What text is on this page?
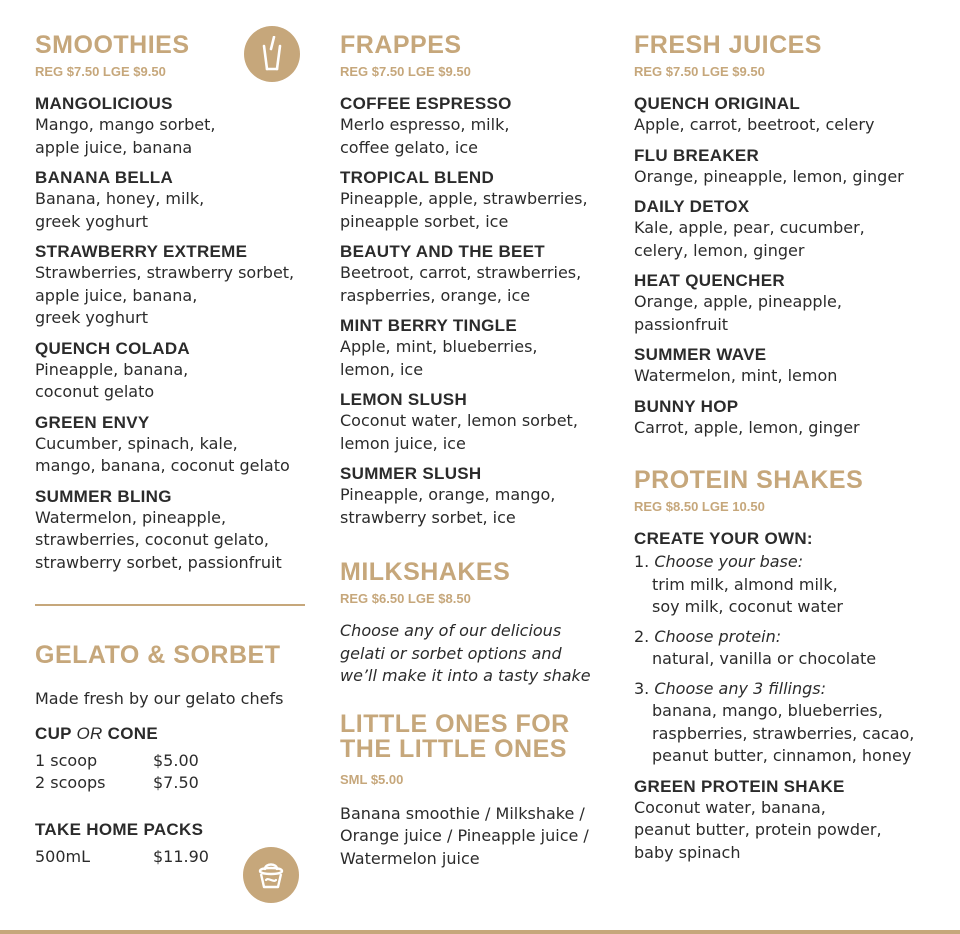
SMOOTHIES
REG $7.50 LGE $9.50
MANGOLICIOUS
Mango, mango sorbet,
apple juice, banana
BANANA BELLA
Banana, honey, milk,
greek yoghurt
STRAWBERRY EXTREME
Strawberries, strawberry sorbet,
apple juice, banana,
greek yoghurt
QUENCH COLADA
Pineapple, banana,
coconut gelato
GREEN ENVY
Cucumber, spinach, kale,
mango, banana, coconut gelato
SUMMER BLING
Watermelon, pineapple,
strawberries, coconut gelato,
strawberry sorbet, passionfruit
GELATO & SORBET
Made fresh by our gelato chefs
CUP OR CONE
1 scoop	$5.00
2 scoops	$7.50
TAKE HOME PACKS
500mL	$11.90
FRAPPES
REG $7.50 LGE $9.50
COFFEE ESPRESSO
Merlo espresso, milk,
coffee gelato, ice
TROPICAL BLEND
Pineapple, apple, strawberries,
pineapple sorbet, ice
BEAUTY AND THE BEET
Beetroot, carrot, strawberries,
raspberries, orange, ice
MINT BERRY TINGLE
Apple, mint, blueberries,
lemon, ice
LEMON SLUSH
Coconut water, lemon sorbet,
lemon juice, ice
SUMMER SLUSH
Pineapple, orange, mango,
strawberry sorbet, ice
MILKSHAKES
REG $6.50 LGE $8.50
Choose any of our delicious
gelati or sorbet options and
we’ll make it into a tasty shake
LITTLE ONES FOR THE LITTLE ONES
SML $5.00
Banana smoothie / Milkshake /
Orange juice / Pineapple juice /
Watermelon juice
FRESH JUICES
REG $7.50 LGE $9.50
QUENCH ORIGINAL
Apple, carrot, beetroot, celery
FLU BREAKER
Orange, pineapple, lemon, ginger
DAILY DETOX
Kale, apple, pear, cucumber,
celery, lemon, ginger
HEAT QUENCHER
Orange, apple, pineapple,
passionfruit
SUMMER WAVE
Watermelon, mint, lemon
BUNNY HOP
Carrot, apple, lemon, ginger
PROTEIN SHAKES
REG $8.50 LGE 10.50
CREATE YOUR OWN:
1. Choose your base:
trim milk, almond milk,
soy milk, coconut water
2. Choose protein:
natural, vanilla or chocolate
3. Choose any 3 fillings:
banana, mango, blueberries,
raspberries, strawberries, cacao,
peanut butter, cinnamon, honey
GREEN PROTEIN SHAKE
Coconut water, banana,
peanut butter, protein powder,
baby spinach
